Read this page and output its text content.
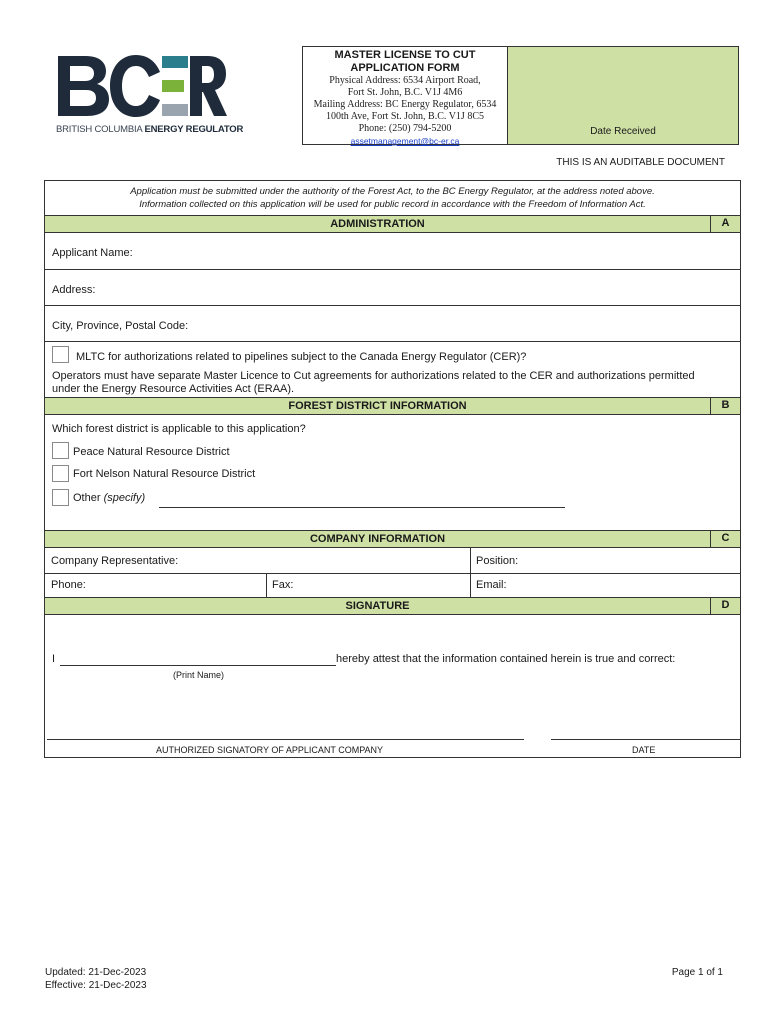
BRITISH COLUMBIA ENERGY REGULATOR
MASTER LICENSE TO CUT
APPLICATION FORM
Physical Address: 6534 Airport Road,
Fort St. John, B.C. V1J 4M6
Mailing Address: BC Energy Regulator, 6534
100th Ave, Fort St. John, B.C. V1J 8C5
Phone: (250) 794-5200
assetmanagement@bc-er.ca
Date Received
THIS IS AN AUDITABLE DOCUMENT
Application must be submitted under the authority of the Forest Act, to the BC Energy Regulator, at the address noted above.
Information collected on this application will be used for public record in accordance with the Freedom of Information Act.
ADMINISTRATION	A
Applicant Name:
Address:
City, Province, Postal Code:
MLTC for authorizations related to pipelines subject to the Canada Energy Regulator (CER)?
Operators must have separate Master Licence to Cut agreements for authorizations related to the CER and authorizations permitted
under the Energy Resource Activities Act (ERAA).
FOREST DISTRICT INFORMATION	B
Which forest district is applicable to this application?
Peace Natural Resource District
Fort Nelson Natural Resource District
Other (specify)
COMPANY INFORMATION	C
Company Representative:	Position:
Phone:	Fax:	Email:
SIGNATURE	D
I	hereby attest that the information contained herein is true and correct:
(Print Name)
AUTHORIZED SIGNATORY OF APPLICANT COMPANY	DATE
Updated: 21-Dec-2023
Effective: 21-Dec-2023
Page 1 of 1
